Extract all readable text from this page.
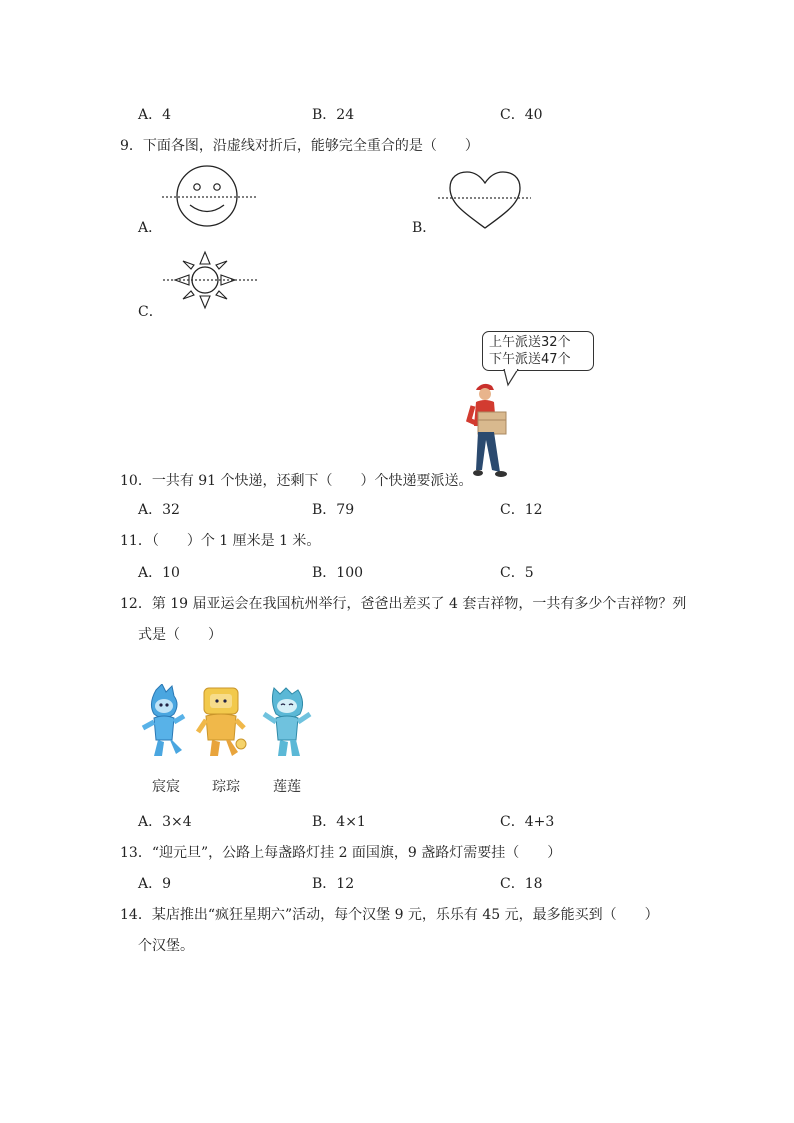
A．4	B．24	C．40
9．下面各图，沿虚线对折后，能够完全重合的是（　　）
A．	B．
C．
上午派送32个
下午派送47个
10．一共有 91 个快递，还剩下（　　）个快递要派送。
A．32	B．79	C．12
11．（　　）个 1 厘米是 1 米。
A．10	B．100	C．5
12．第 19 届亚运会在我国杭州举行，爸爸出差买了 4 套吉祥物，一共有多少个吉祥物？列
式是（　　）
宸宸 琮琮 莲莲
A．3×4	B．4×1	C．4+3
13．“迎元旦”，公路上每盏路灯挂 2 面国旗，9 盏路灯需要挂（　　）
A．9	B．12	C．18
14．某店推出“疯狂星期六”活动，每个汉堡 9 元，乐乐有 45 元，最多能买到（　　）
个汉堡。
